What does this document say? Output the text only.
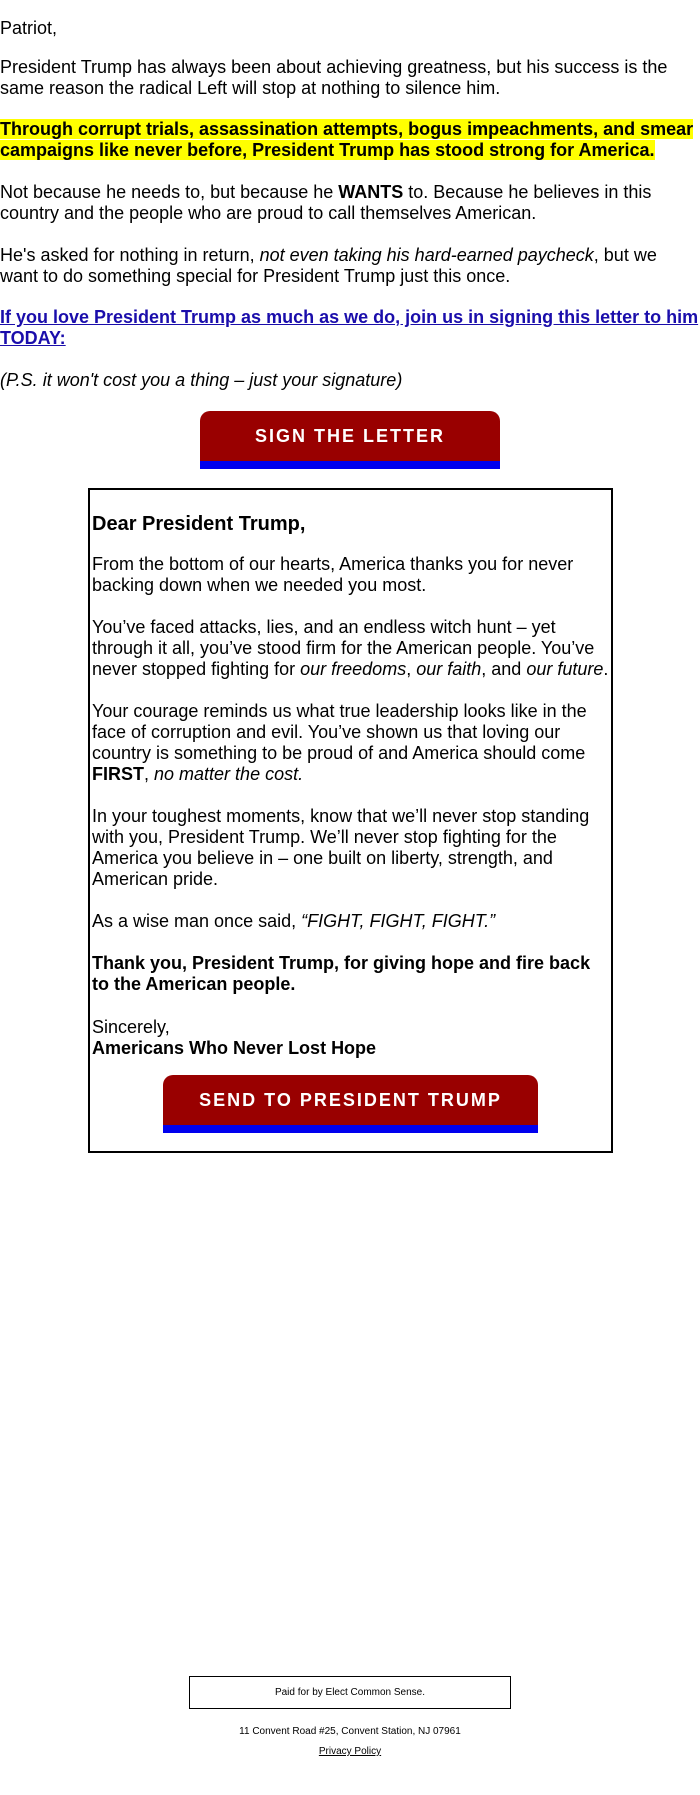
Patriot,

President Trump has always been about achieving greatness, but his success is the same reason the radical Left will stop at nothing to silence him.

Through corrupt trials, assassination attempts, bogus impeachments, and smear campaigns like never before, President Trump has stood strong for America.

Not because he needs to, but because he WANTS to. Because he believes in this country and the people who are proud to call themselves American.

He's asked for nothing in return, not even taking his hard-earned paycheck, but we want to do something special for President Trump just this once.

If you love President Trump as much as we do, join us in signing this letter to him TODAY:

(P.S. it won't cost you a thing – just your signature)

SIGN THE LETTER

Dear President Trump,

From the bottom of our hearts, America thanks you for never backing down when we needed you most.

You’ve faced attacks, lies, and an endless witch hunt – yet through it all, you’ve stood firm for the American people. You’ve never stopped fighting for our freedoms, our faith, and our future.

Your courage reminds us what true leadership looks like in the face of corruption and evil. You’ve shown us that loving our country is something to be proud of and America should come FIRST, no matter the cost.

In your toughest moments, know that we’ll never stop standing with you, President Trump. We’ll never stop fighting for the America you believe in – one built on liberty, strength, and American pride.

As a wise man once said, “FIGHT, FIGHT, FIGHT.”

Thank you, President Trump, for giving hope and fire back to the American people.

Sincerely,
Americans Who Never Lost Hope

SEND TO PRESIDENT TRUMP
Paid for by Elect Common Sense.
11 Convent Road #25, Convent Station, NJ 07961
Privacy Policy
